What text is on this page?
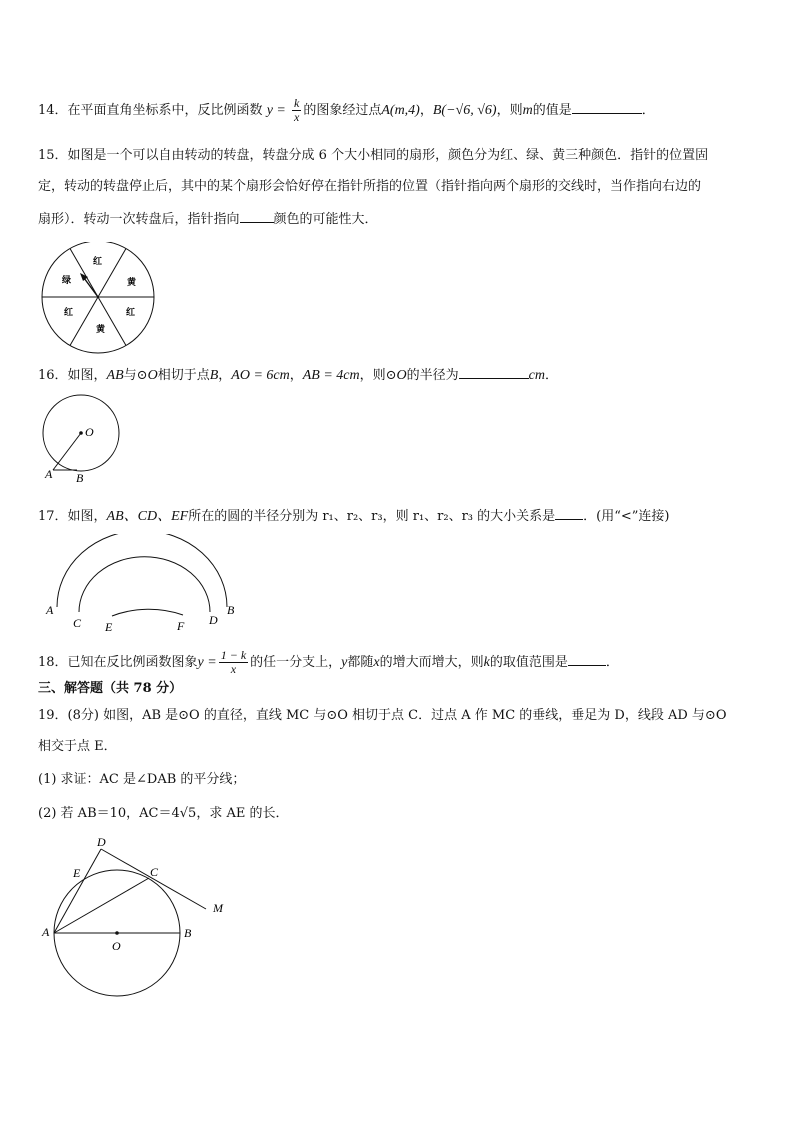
14．在平面直角坐标系中，反比例函数 $y = \frac{k}{x}$ 的图象经过点A(m,4)，B(−√6, √6)，则m的值是	．
15．如图是一个可以自由转动的转盘，转盘分成 6 个大小相同的扇形，颜色分为红、绿、黄三种颜色．指针的位置固
定，转动的转盘停止后，其中的某个扇形会恰好停在指针所指的位置（指针指向两个扇形的交线时，当作指向右边的
扇形）．转动一次转盘后，指针指向	颜色的可能性大．
红
黄
红
黄
红
绿
16．如图，AB与⊙O相切于点B，AO = 6cm，AB = 4cm，则⊙O的半径为	cm．
O
A B
17．如图，AB、CD、EF所在的圆的半径分别为 r₁、r₂、r₃，则 r₁、r₂、r₃ 的大小关系是 ．(用“<”连接)
A	B
C	D
E	F
18．已知在反比例函数图象$y = \frac{1 - k}{x}$ 的任一分支上，y都随x的增大而增大，则k的取值范围是	．
三、解答题（共 78 分）
19．(8分) 如图，AB 是⊙O 的直径，直线 MC 与⊙O 相切于点 C．过点 A 作 MC 的垂线，垂足为 D，线段 AD 与⊙O
相交于点 E．
(1) 求证：AC 是∠DAB 的平分线；
(2) 若 AB＝10，AC＝4√5，求 AE 的长．
D
E	C
M
A
O
B
